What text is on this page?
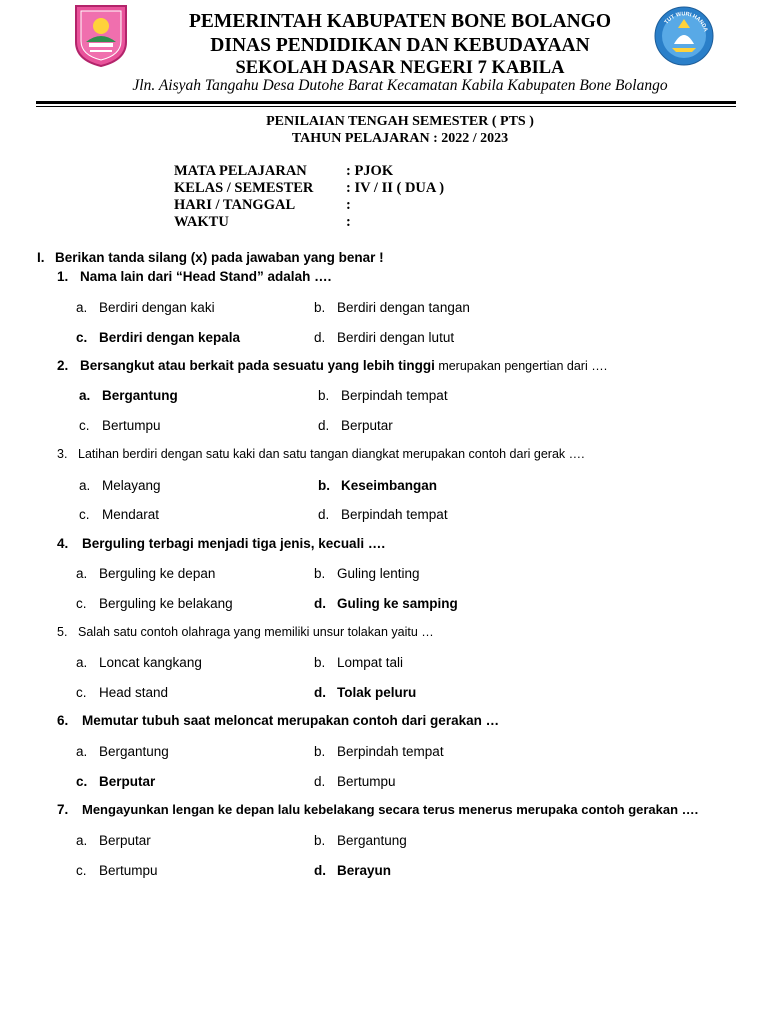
TUT WURI HANDA
PEMERINTAH KABUPATEN BONE BOLANGO
DINAS PENDIDIKAN DAN KEBUDAYAAN
SEKOLAH DASAR NEGERI 7 KABILA
Jln. Aisyah Tangahu Desa Dutohe Barat Kecamatan Kabila Kabupaten Bone Bolango
PENILAIAN TENGAH SEMESTER ( PTS )
TAHUN PELAJARAN : 2022 / 2023
MATA PELAJARAN	: PJOK
KELAS / SEMESTER : IV / II ( DUA )
HARI / TANGGAL	:
WAKTU	:
I. Berikan tanda silang (x) pada jawaban yang benar !
1. Nama lain dari “Head Stand” adalah ….
a. Berdiri dengan kaki	b. Berdiri dengan tangan
c. Berdiri dengan kepala	d. Berdiri dengan lutut
2. Bersangkut atau berkait pada sesuatu yang lebih tinggi merupakan pengertian dari ….
a. Bergantung	b. Berpindah tempat
c. Bertumpu	d. Berputar
3. Latihan berdiri dengan satu kaki dan satu tangan diangkat merupakan contoh dari gerak ….
a. Melayang	b. Keseimbangan
c. Mendarat	d. Berpindah tempat
4. Berguling terbagi menjadi tiga jenis, kecuali ….
a. Berguling ke depan	b. Guling lenting
c. Berguling ke belakang	d. Guling ke samping
5. Salah satu contoh olahraga yang memiliki unsur tolakan yaitu …
a. Loncat kangkang	b. Lompat tali
c. Head stand	d. Tolak peluru
6. Memutar tubuh saat meloncat merupakan contoh dari gerakan …
a. Bergantung	b. Berpindah tempat
c. Berputar	d. Bertumpu
7. Mengayunkan lengan ke depan lalu kebelakang secara terus menerus merupaka contoh gerakan ….
a. Berputar	b. Bergantung
c. Bertumpu	d. Berayun
